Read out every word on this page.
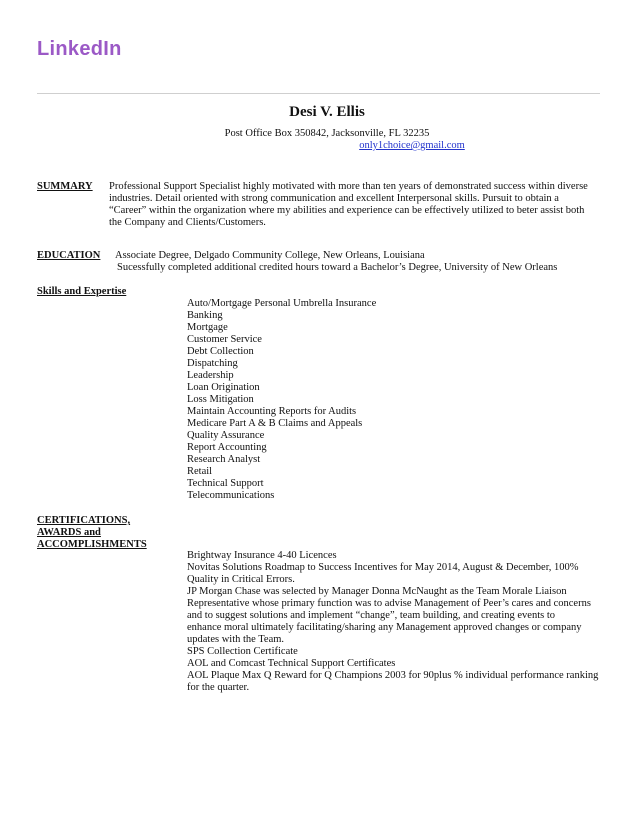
LinkedIn
Desi V. Ellis
Post Office Box 350842, Jacksonville, FL 32235
only1choice@gmail.com
SUMMARY Professional Support Specialist highly motivated with more than ten years of demonstrated success within diverse
industries. Detail oriented with strong communication and excellent Interpersonal skills. Pursuit to obtain a
“Career” within the organization where my abilities and experience can be effectively utilized to beter assist both
the Company and Clients/Customers.
EDUCATION Associate Degree, Delgado Community College, New Orleans, Louisiana
Sucessfully completed additional credited hours toward a Bachelor’s Degree, University of New Orleans
Skills and Expertise
Auto/Mortgage Personal Umbrella Insurance
Banking
Mortgage
Customer Service
Debt Collection
Dispatching
Leadership
Loan Origination
Loss Mitigation
Maintain Accounting Reports for Audits
Medicare Part A & B Claims and Appeals
Quality Assurance
Report Accounting
Research Analyst
Retail
Technical Support
Telecommunications
CERTIFICATIONS,
AWARDS and
ACCOMPLISHMENTS
Brightway Insurance 4-40 Licences
Novitas Solutions Roadmap to Success Incentives for May 2014, August & December, 100%
Quality in Critical Errors.
JP Morgan Chase was selected by Manager Donna McNaught as the Team Morale Liaison
Representative whose primary function was to advise Management of Peer’s cares and concerns
and to suggest solutions and implement “change”, team building, and creating events to
enhance moral ultimately facilitating/sharing any Management approved changes or company
updates with the Team.
SPS Collection Certificate
AOL and Comcast Technical Support Certificates
AOL Plaque Max Q Reward for Q Champions 2003 for 90plus % individual performance ranking
for the quarter.
